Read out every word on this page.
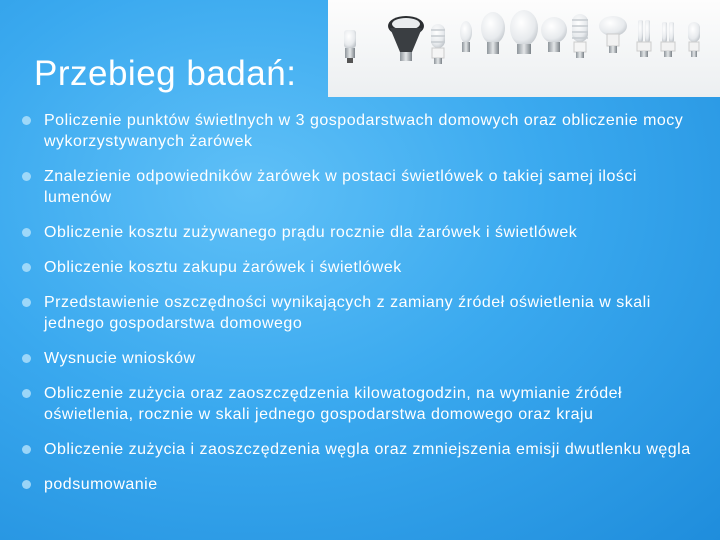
Przebieg badań:
Policzenie punktów świetlnych w 3 gospodarstwach domowych oraz obliczenie mocy wykorzystywanych żarówek
Znalezienie odpowiedników żarówek w postaci świetlówek o takiej samej ilości lumenów
Obliczenie kosztu zużywanego prądu rocznie dla żarówek i świetlówek
Obliczenie kosztu zakupu żarówek i świetlówek
Przedstawienie oszczędności wynikających z zamiany źródeł oświetlenia w skali jednego gospodarstwa domowego
Wysnucie wniosków
Obliczenie zużycia oraz zaoszczędzenia kilowatogodzin, na wymianie źródeł oświetlenia, rocznie w skali jednego gospodarstwa domowego oraz kraju
Obliczenie zużycia i zaoszczędzenia węgla oraz zmniejszenia emisji dwutlenku węgla
podsumowanie
